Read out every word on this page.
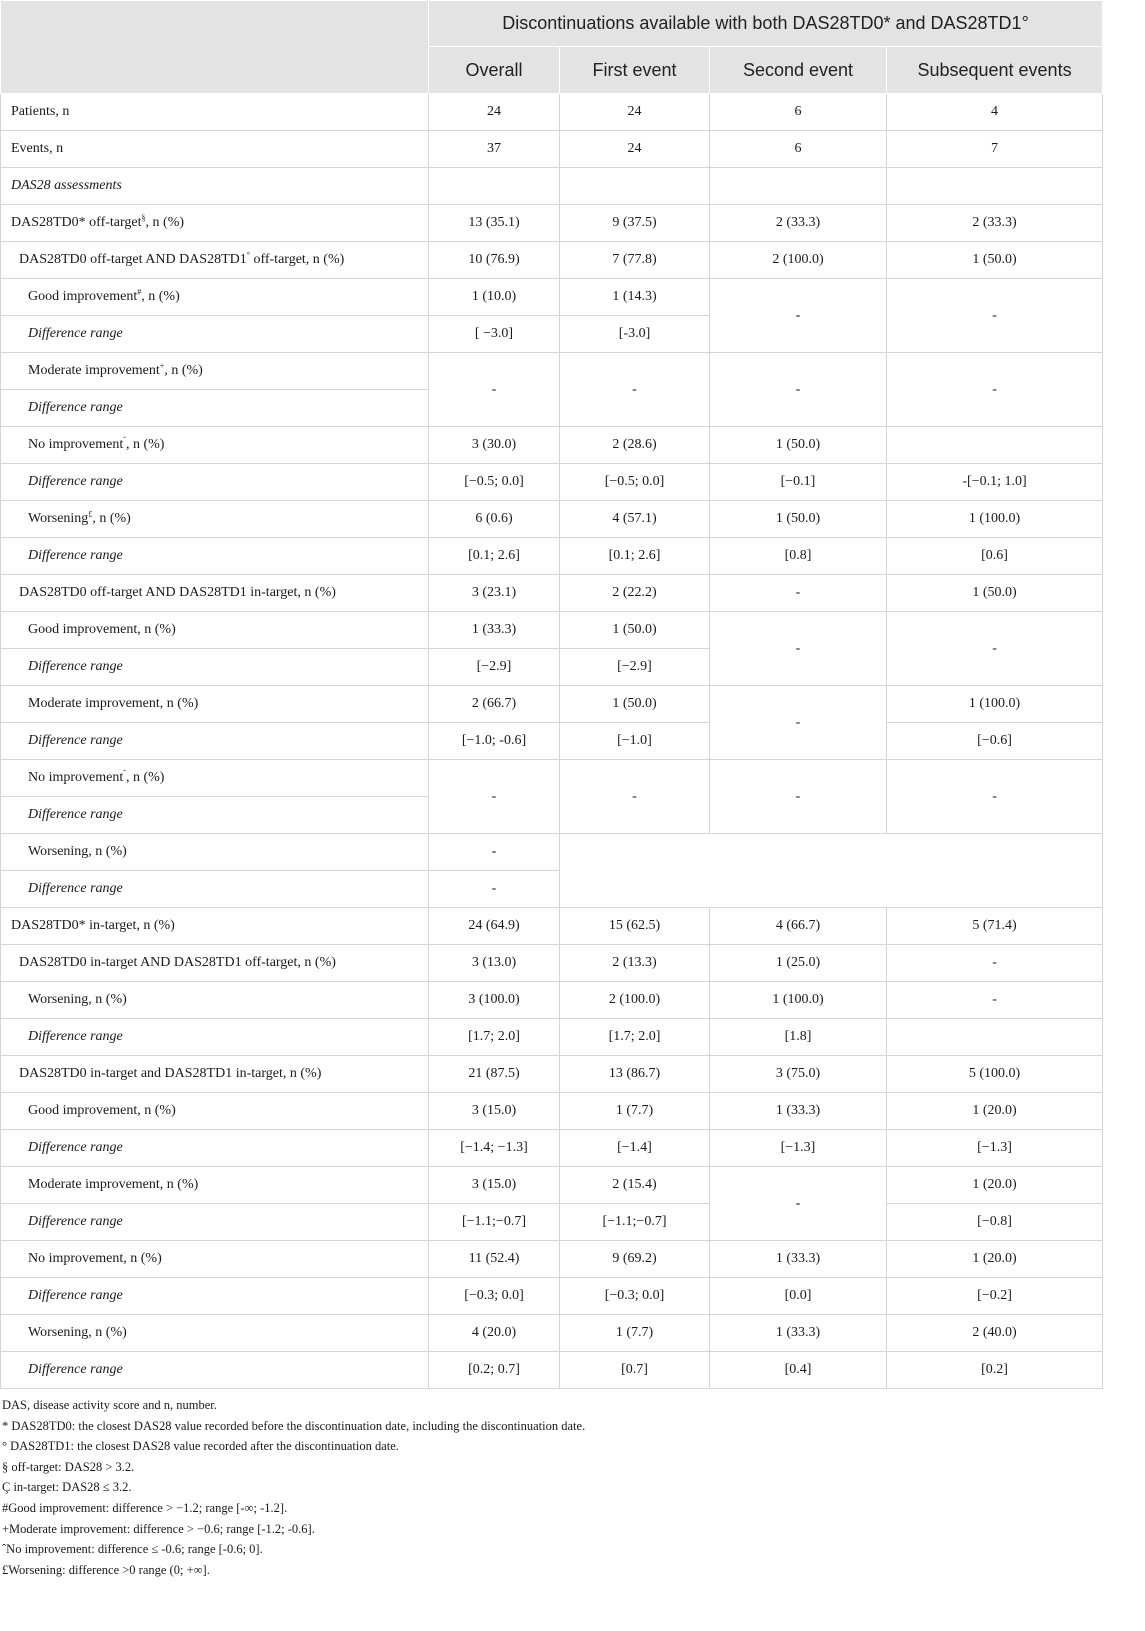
	Discontinuations available with both DAS28TD0* and DAS28TD1°			
	Overall	First event	Second event	Subsequent events
Patients, n	24	24	6	4
Events, n	37	24	6	7
DAS28 assessments				
DAS28TD0* off-target§, n (%)	13 (35.1)	9 (37.5)	2 (33.3)	2 (33.3)
DAS28TD0 off-target AND DAS28TD1° off-target, n (%)	10 (76.9)	7 (77.8)	2 (100.0)	1 (50.0)
Good improvement#, n (%)	1 (10.0)	1 (14.3)	-	-
Difference range	[ −3.0]	[-3.0]		
Moderate improvement+, n (%)	-	-	-	-
Difference range				
No improvement$^ˆ$, n (%)	3 (30.0)	2 (28.6)	1 (50.0)	
Difference range	[−0.5; 0.0]	[−0.5; 0.0]	[−0.1]	-[−0.1; 1.0]
Worsening£, n (%)	6 (0.6)	4 (57.1)	1 (50.0)	1 (100.0)
Difference range	[0.1; 2.6]	[0.1; 2.6]	[0.8]	[0.6]
DAS28TD0 off-target AND DAS28TD1 in-target, n (%)	3 (23.1)	2 (22.2)	-	1 (50.0)
Good improvement, n (%)	1 (33.3)	1 (50.0)	-	-
Difference range	[−2.9]	[−2.9]		
Moderate improvement, n (%)	2 (66.7)	1 (50.0)	-	1 (100.0)
Difference range	[−1.0; -0.6]	[−1.0]		[−0.6]
No improvement$^ˆ$, n (%)	-	-	-	-
Difference range				
Worsening, n (%)	-			
Difference range	-			
DAS28TD0* in-target, n (%)	24 (64.9)	15 (62.5)	4 (66.7)	5 (71.4)
DAS28TD0 in-target AND DAS28TD1 off-target, n (%)	3 (13.0)	2 (13.3)	1 (25.0)	-
Worsening, n (%)	3 (100.0)	2 (100.0)	1 (100.0)	-
Difference range	[1.7; 2.0]	[1.7; 2.0]	[1.8]	
DAS28TD0 in-target and DAS28TD1 in-target, n (%)	21 (87.5)	13 (86.7)	3 (75.0)	5 (100.0)
Good improvement, n (%)	3 (15.0)	1 (7.7)	1 (33.3)	1 (20.0)
Difference range	[−1.4; −1.3]	[−1.4]	[−1.3]	[−1.3]
Moderate improvement, n (%)	3 (15.0)	2 (15.4)	-	1 (20.0)
Difference range	[−1.1;−0.7]	[−1.1;−0.7]		[−0.8]
No improvement, n (%)	11 (52.4)	9 (69.2)	1 (33.3)	1 (20.0)
Difference range	[−0.3; 0.0]	[−0.3; 0.0]	[0.0]	[−0.2]
Worsening, n (%)	4 (20.0)	1 (7.7)	1 (33.3)	2 (40.0)
Difference range	[0.2; 0.7]	[0.7]	[0.4]	[0.2]
DAS, disease activity score and n, number.
* DAS28TD0: the closest DAS28 value recorded before the discontinuation date, including the discontinuation date.
° DAS28TD1: the closest DAS28 value recorded after the discontinuation date.
§ off-target: DAS28 > 3.2.
Ç in-target: DAS28 ≤ 3.2.
#Good improvement: difference > −1.2; range [-∞; -1.2].
+Moderate improvement: difference > −0.6; range [-1.2; -0.6].
ˆNo improvement: difference ≤ -0.6; range [-0.6; 0].
£Worsening: difference >0 range (0; +∞].
